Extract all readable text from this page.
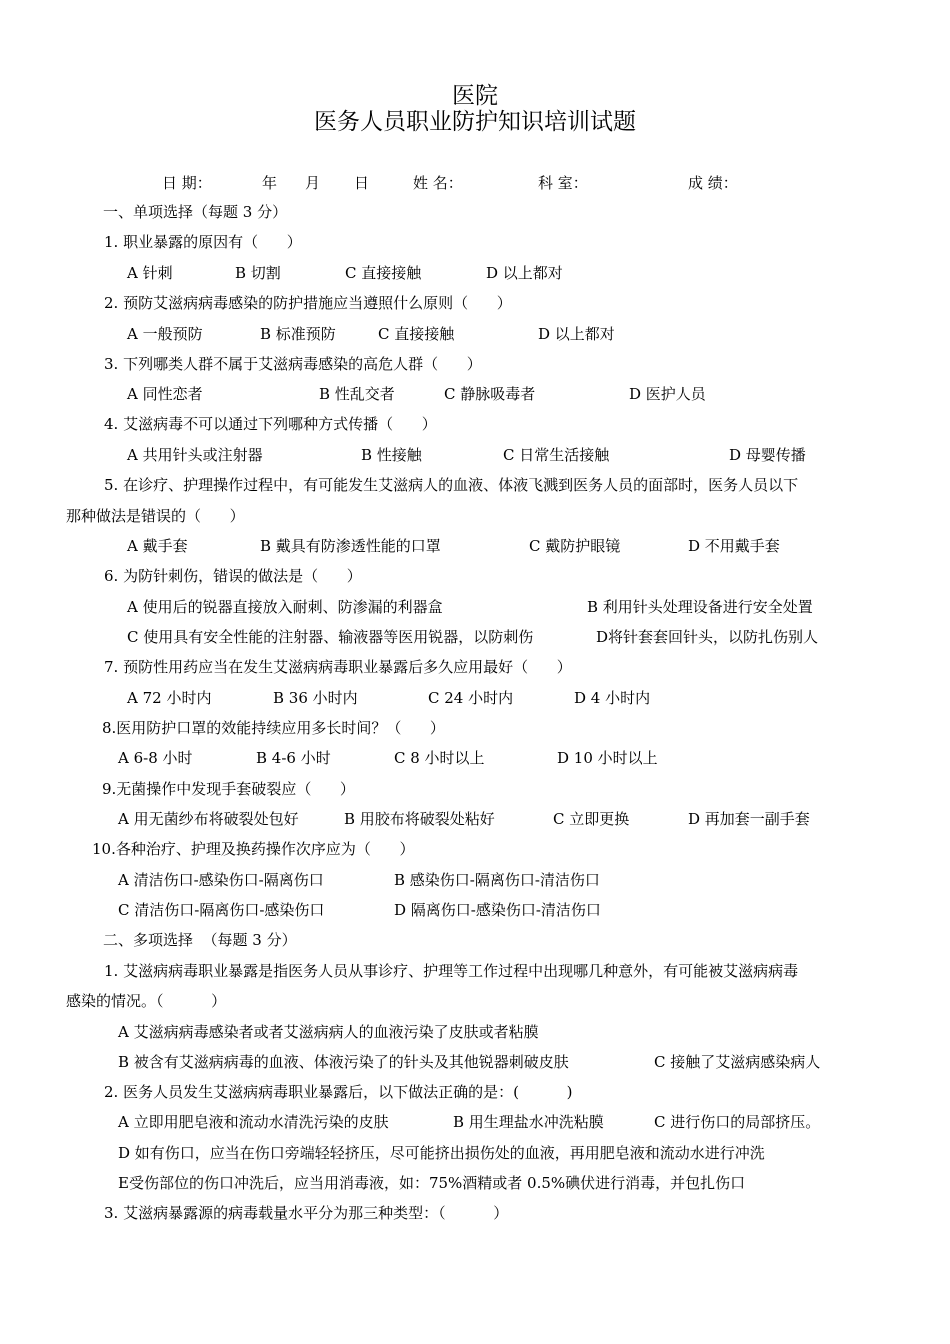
医院
医务人员职业防护知识培训试题
日 期：	年 月 日	姓 名：	科 室：	成 绩：
一、单项选择（每题 3 分）
1. 职业暴露的原因有（      ）
A 针刺	B 切割	C 直接接触	D 以上都对
2. 预防艾滋病病毒感染的防护措施应当遵照什么原则（      ）
A 一般预防	B 标准预防	C 直接接触	D 以上都对
3. 下列哪类人群不属于艾滋病毒感染的高危人群（      ）
A 同性恋者	B 性乱交者	C 静脉吸毒者	D 医护人员
4. 艾滋病毒不可以通过下列哪种方式传播（      ）
A 共用针头或注射器	B 性接触	C 日常生活接触	D 母婴传播
5. 在诊疗、护理操作过程中，有可能发生艾滋病人的血液、体液飞溅到医务人员的面部时，医务人员以下
那种做法是错误的（      ）
A 戴手套	B 戴具有防渗透性能的口罩	C 戴防护眼镜	D 不用戴手套
6. 为防针刺伤，错误的做法是（      ）
A 使用后的锐器直接放入耐刺、防渗漏的利器盒	B 利用针头处理设备进行安全处置
C 使用具有安全性能的注射器、输液器等医用锐器，以防刺伤	D将针套套回针头，以防扎伤别人
7. 预防性用药应当在发生艾滋病病毒职业暴露后多久应用最好（      ）
A 72 小时内	B 36 小时内	C 24 小时内	D 4 小时内
8.医用防护口罩的效能持续应用多长时间？（      ）
A 6-8 小时	B 4-6 小时	C 8 小时以上	D 10 小时以上
9.无菌操作中发现手套破裂应（      ）
A 用无菌纱布将破裂处包好	B 用胶布将破裂处粘好	C 立即更换	D 再加套一副手套
10.各种治疗、护理及换药操作次序应为（      ）
A 清洁伤口-感染伤口-隔离伤口	B 感染伤口-隔离伤口-清洁伤口
C 清洁伤口-隔离伤口-感染伤口	D 隔离伤口-感染伤口-清洁伤口
二、多项选择  （每题 3 分）
1. 艾滋病病毒职业暴露是指医务人员从事诊疗、护理等工作过程中出现哪几种意外，有可能被艾滋病病毒
感染的情况。（          ）
A 艾滋病病毒感染者或者艾滋病病人的血液污染了皮肤或者粘膜
B 被含有艾滋病病毒的血液、体液污染了的针头及其他锐器刺破皮肤	C 接触了艾滋病感染病人
2. 医务人员发生艾滋病病毒职业暴露后，以下做法正确的是：(          )
A 立即用肥皂液和流动水清洗污染的皮肤	B 用生理盐水冲洗粘膜	C 进行伤口的局部挤压。
D 如有伤口，应当在伤口旁端轻轻挤压，尽可能挤出损伤处的血液，再用肥皂液和流动水进行冲洗
E受伤部位的伤口冲洗后，应当用消毒液，如：75%酒精或者 0.5%碘伏进行消毒，并包扎伤口
3. 艾滋病暴露源的病毒载量水平分为那三种类型：（          ）
